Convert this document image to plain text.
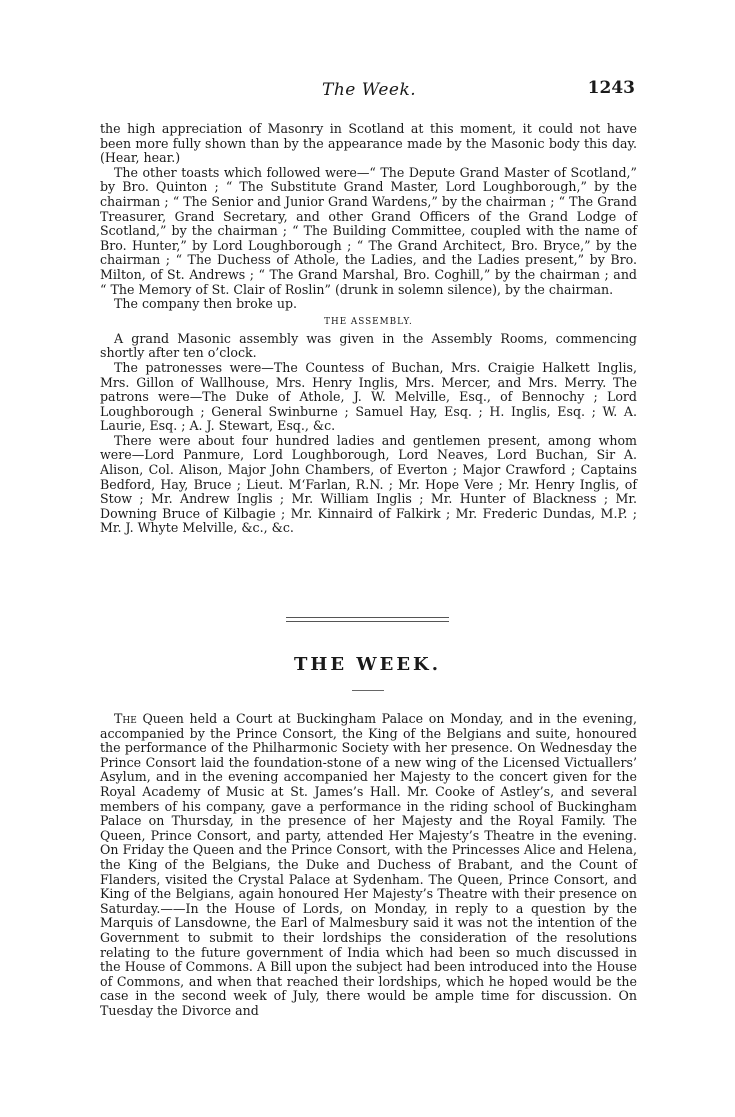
The Week.	1243

the high appreciation of Masonry in Scotland at this moment, it could not have been more fully shown than by the appearance made by the Masonic body this day. (Hear, hear.)

The other toasts which followed were—“ The Depute Grand Master of Scotland,” by Bro. Quinton ; “ The Substitute Grand Master, Lord Loughborough,” by the chairman ; “ The Senior and Junior Grand Wardens,” by the chairman ; “ The Grand Treasurer, Grand Secretary, and other Grand Officers of the Grand Lodge of Scotland,” by the chairman ; “ The Building Committee, coupled with the name of Bro. Hunter,” by Lord Loughborough ; “ The Grand Architect, Bro. Bryce,” by the chairman ; “ The Duchess of Athole, the Ladies, and the Ladies present,” by Bro. Milton, of St. Andrews ; “ The Grand Marshal, Bro. Coghill,” by the chairman ; and “ The Memory of St. Clair of Roslin” (drunk in solemn silence), by the chairman.

The company then broke up.

THE ASSEMBLY.

A grand Masonic assembly was given in the Assembly Rooms, commencing shortly after ten o’clock.

The patronesses were—The Countess of Buchan, Mrs. Craigie Halkett Inglis, Mrs. Gillon of Wallhouse, Mrs. Henry Inglis, Mrs. Mercer, and Mrs. Merry. The patrons were—The Duke of Athole, J. W. Melville, Esq., of Bennochy ; Lord Loughborough ; General Swinburne ; Samuel Hay, Esq. ; H. Inglis, Esq. ; W. A. Laurie, Esq. ; A. J. Stewart, Esq., &c.

There were about four hundred ladies and gentlemen present, among whom were—Lord Panmure, Lord Loughborough, Lord Neaves, Lord Buchan, Sir A. Alison, Col. Alison, Major John Chambers, of Everton ; Major Crawford ; Captains Bedford, Hay, Bruce ; Lieut. M‘Farlan, R.N. ; Mr. Hope Vere ; Mr. Henry Inglis, of Stow ; Mr. Andrew Inglis ; Mr. William Inglis ; Mr. Hunter of Blackness ; Mr. Downing Bruce of Kilbagie ; Mr. Kinnaird of Falkirk ; Mr. Frederic Dundas, M.P. ; Mr. J. Whyte Melville, &c., &c.

THE WEEK.

The Queen held a Court at Buckingham Palace on Monday, and in the evening, accompanied by the Prince Consort, the King of the Belgians and suite, honoured the performance of the Philharmonic Society with her presence. On Wednesday the Prince Consort laid the foundation-stone of a new wing of the Licensed Victuallers’ Asylum, and in the evening accompanied her Majesty to the concert given for the Royal Academy of Music at St. James’s Hall. Mr. Cooke of Astley’s, and several members of his company, gave a performance in the riding school of Buckingham Palace on Thursday, in the presence of her Majesty and the Royal Family. The Queen, Prince Consort, and party, attended Her Majesty’s Theatre in the evening. On Friday the Queen and the Prince Consort, with the Princesses Alice and Helena, the King of the Belgians, the Duke and Duchess of Brabant, and the Count of Flanders, visited the Crystal Palace at Sydenham. The Queen, Prince Consort, and King of the Belgians, again honoured Her Majesty’s Theatre with their presence on Saturday.——In the House of Lords, on Monday, in reply to a question by the Marquis of Lansdowne, the Earl of Malmesbury said it was not the intention of the Government to submit to their lordships the consideration of the resolutions relating to the future government of India which had been so much discussed in the House of Commons. A Bill upon the subject had been introduced into the House of Commons, and when that reached their lordships, which he hoped would be the case in the second week of July, there would be ample time for discussion. On Tuesday the Divorce and
